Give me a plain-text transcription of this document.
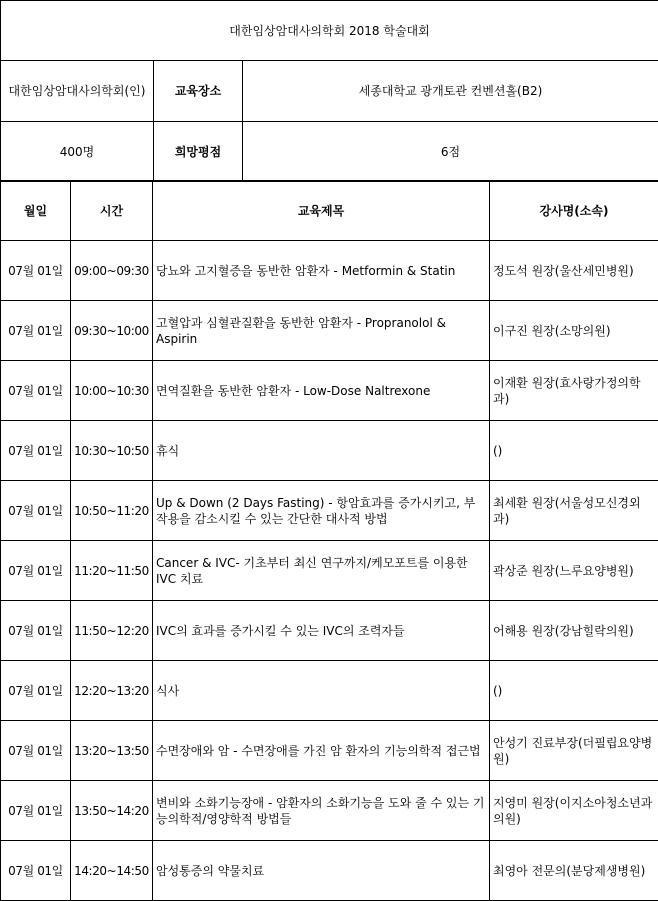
대한임상암대사의학회 2018 학술대회		
대한임상암대사의학회(인)	교육장소	세종대학교 광개토관 컨벤션홀(B2)
400명	희망평점	6점
월일	시간	교육제목	강사명(소속)
07월 01일	09:00~09:30	당뇨와 고지혈증을 동반한 암환자 - Metformin & Statin	정도석 원장(울산세민병원)
07월 01일	09:30~10:00	고혈압과 심혈관질환을 동반한 암환자 - Propranolol & Aspirin	이구진 원장(소망의원)
07월 01일	10:00~10:30	면역질환을 동반한 암환자 - Low-Dose Naltrexone	이재환 원장(효사랑가정의학과)
07월 01일	10:30~10:50	휴식	()
07월 01일	10:50~11:20	Up & Down (2 Days Fasting) - 항암효과를 증가시키고, 부작용을 감소시킬 수 있는 간단한 대사적 방법	최세환 원장(서울성모신경외과)
07월 01일	11:20~11:50	Cancer & IVC- 기초부터 최신 연구까지/케모포트를 이용한 IVC 치료	곽상준 원장(느루요양병원)
07월 01일	11:50~12:20	IVC의 효과를 증가시킬 수 있는 IVC의 조력자들	어해용 원장(강남힐락의원)
07월 01일	12:20~13:20	식사	()
07월 01일	13:20~13:50	수면장애와 암 - 수면장애를 가진 암 환자의 기능의학적 접근법	안성기 진료부장(더필립요양병원)
07월 01일	13:50~14:20	변비와 소화기능장애 - 암환자의 소화기능을 도와 줄 수 있는 기능의학적/영양학적 방법들	지영미 원장(이지소아청소년과의원)
07월 01일	14:20~14:50	암성통증의 약물치료	최영아 전문의(분당제생병원)
